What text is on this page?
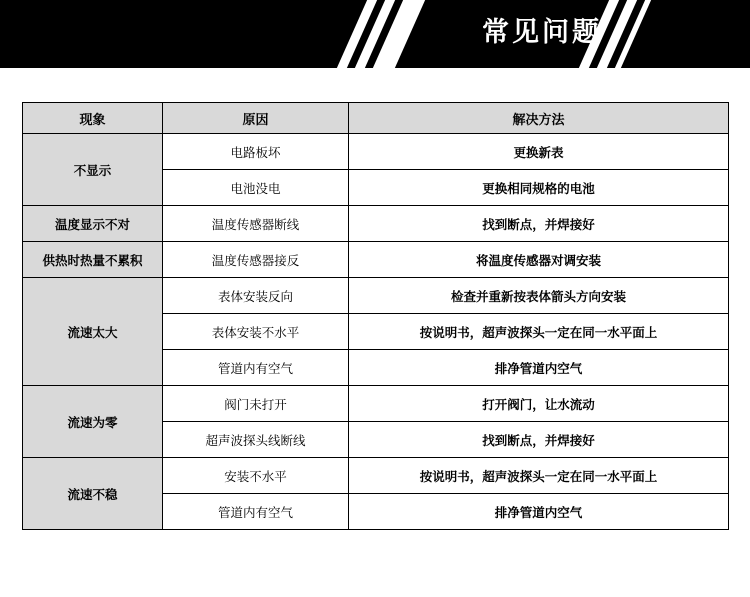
常见问题
现象	原因	解决方法
不显示	电路板坏	更换新表
	电池没电	更换相同规格的电池
温度显示不对	温度传感器断线	找到断点，并焊接好
供热时热量不累积	温度传感器接反	将温度传感器对调安装
流速太大	表体安装反向	检查并重新按表体箭头方向安装
	表体安装不水平	按说明书，超声波探头一定在同一水平面上
	管道内有空气	排净管道内空气
流速为零	阀门未打开	打开阀门，让水流动
	超声波探头线断线	找到断点，并焊接好
流速不稳	安装不水平	按说明书，超声波探头一定在同一水平面上
	管道内有空气	排净管道内空气
